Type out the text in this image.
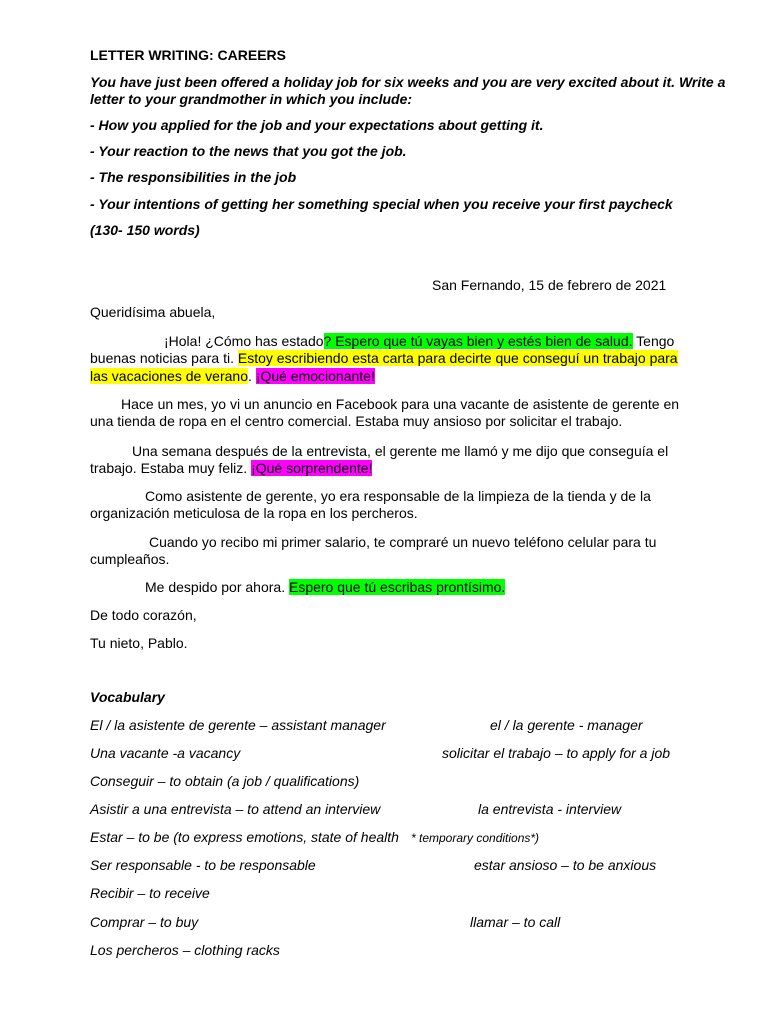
LETTER WRITING: CAREERS
You have just been offered a holiday job for six weeks and you are very excited about it. Write a
letter to your grandmother in which you include:
- How you applied for the job and your expectations about getting it.
- Your reaction to the news that you got the job.
- The responsibilities in the job
- Your intentions of getting her something special when you receive your first paycheck
(130- 150 words)
San Fernando, 15 de febrero de 2021
Queridísima abuela,
¡Hola! ¿Cómo has estado? Espero que tú vayas bien y estés bien de salud. Tengo
buenas noticias para ti. Estoy escribiendo esta carta para decirte que conseguí un trabajo para
las vacaciones de verano. ¡Qué emocionante!
Hace un mes, yo vi un anuncio en Facebook para una vacante de asistente de gerente en
una tienda de ropa en el centro comercial. Estaba muy ansioso por solicitar el trabajo.
Una semana después de la entrevista, el gerente me llamó y me dijo que conseguía el
trabajo. Estaba muy feliz. ¡Qué sorprendente!
Como asistente de gerente, yo era responsable de la limpieza de la tienda y de la
organización meticulosa de la ropa en los percheros.
Cuando yo recibo mi primer salario, te compraré un nuevo teléfono celular para tu
cumpleaños.
Me despido por ahora. Espero que tú escribas prontísimo.
De todo corazón,
Tu nieto, Pablo.
Vocabulary
El / la asistente de gerente – assistant manager	el / la gerente - manager
Una vacante -a vacancy	solicitar el trabajo – to apply for a job
Conseguir – to obtain (a job / qualifications)
Asistir a una entrevista – to attend an interview	la entrevista - interview
Estar – to be (to express emotions, state of health * temporary conditions*)
Ser responsable - to be responsable	estar ansioso – to be anxious
Recibir – to receive
Comprar – to buy	llamar – to call
Los percheros – clothing racks
